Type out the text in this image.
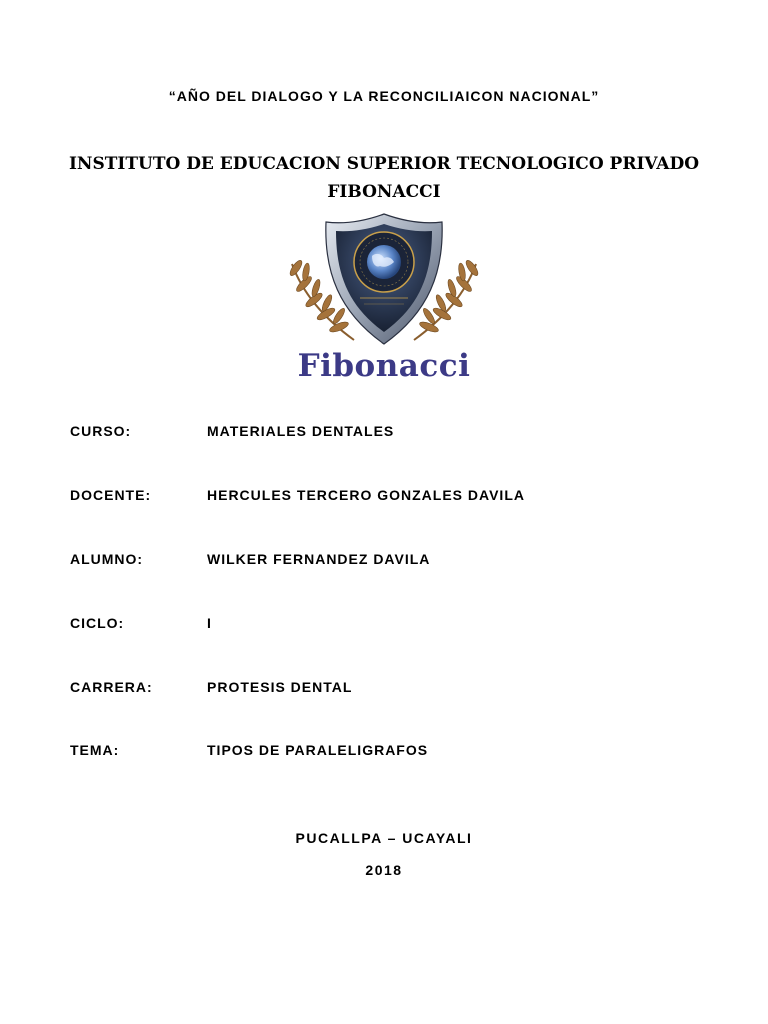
“AÑO DEL DIALOGO Y LA RECONCILIAICON NACIONAL”
INSTITUTO DE EDUCACION SUPERIOR TECNOLOGICO PRIVADO
FIBONACCI
Fibonacci
CURSO:	MATERIALES DENTALES
DOCENTE:	HERCULES TERCERO GONZALES DAVILA
ALUMNO:	WILKER FERNANDEZ DAVILA
CICLO:	I
CARRERA:	PROTESIS DENTAL
TEMA:	TIPOS DE PARALELIGRAFOS
PUCALLPA – UCAYALI
2018
